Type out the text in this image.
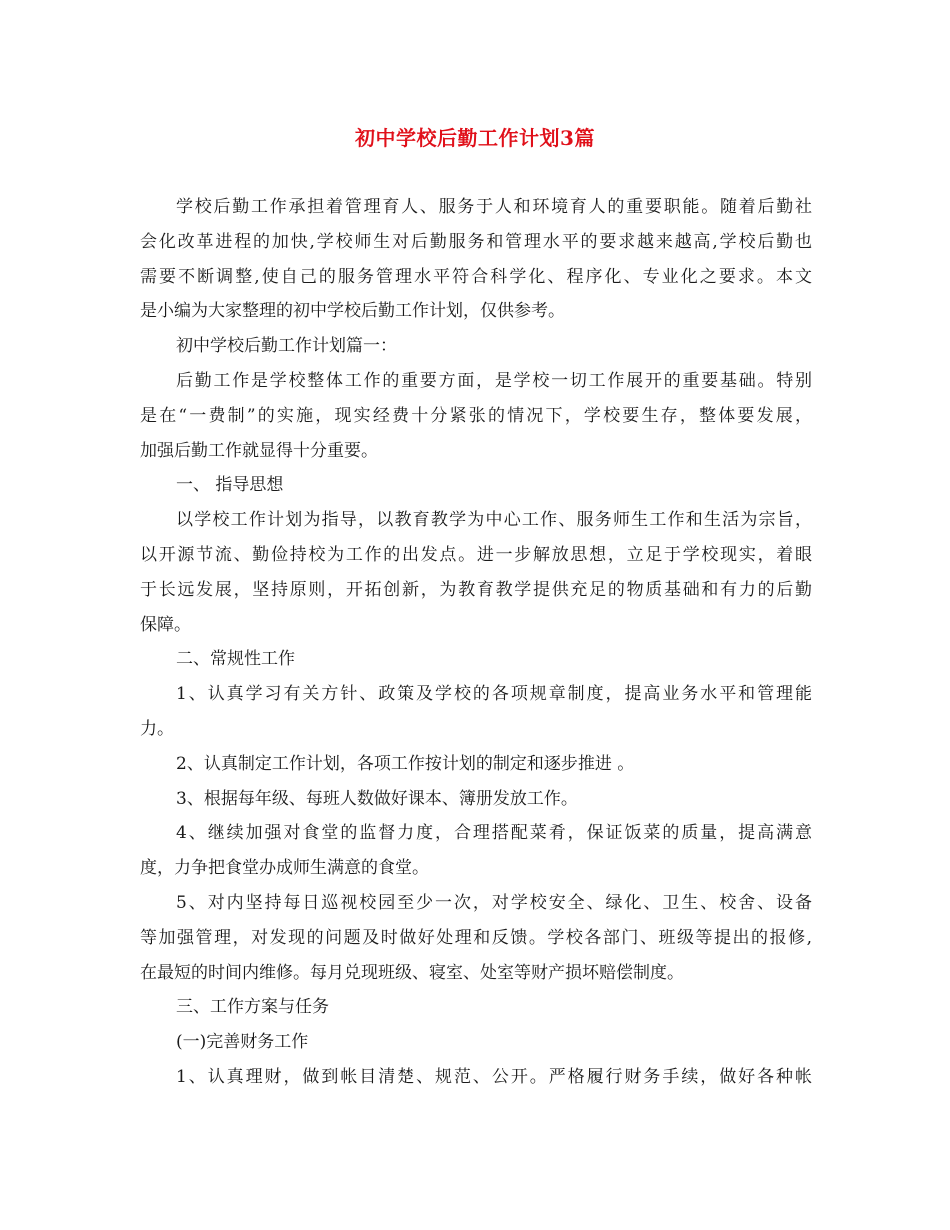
初中学校后勤工作计划3篇
学校后勤工作承担着管理育人、服务于人和环境育人的重要职能。随着后勤社
会化改革进程的加快,学校师生对后勤服务和管理水平的要求越来越高,学校后勤也
需要不断调整,使自己的服务管理水平符合科学化、程序化、专业化之要求。本文
是小编为大家整理的初中学校后勤工作计划，仅供参考。
初中学校后勤工作计划篇一：
后勤工作是学校整体工作的重要方面，是学校一切工作展开的重要基础。特别
是在“一费制”的实施，现实经费十分紧张的情况下，学校要生存，整体要发展，
加强后勤工作就显得十分重要。
一、 指导思想
以学校工作计划为指导，以教育教学为中心工作、服务师生工作和生活为宗旨，
以开源节流、勤俭持校为工作的出发点。进一步解放思想，立足于学校现实，着眼
于长远发展，坚持原则，开拓创新，为教育教学提供充足的物质基础和有力的后勤
保障。
二、常规性工作
1、认真学习有关方针、政策及学校的各项规章制度，提高业务水平和管理能
力。
2、认真制定工作计划，各项工作按计划的制定和逐步推进 。
3、根据每年级、每班人数做好课本、簿册发放工作。
4、继续加强对食堂的监督力度，合理搭配菜肴，保证饭菜的质量，提高满意
度，力争把食堂办成师生满意的食堂。
5、对内坚持每日巡视校园至少一次，对学校安全、绿化、卫生、校舍、设备
等加强管理，对发现的问题及时做好处理和反馈。学校各部门、班级等提出的报修,
在最短的时间内维修。每月兑现班级、寝室、处室等财产损坏赔偿制度。
三、工作方案与任务
(一)完善财务工作
1、认真理财，做到帐目清楚、规范、公开。严格履行财务手续，做好各种帐
